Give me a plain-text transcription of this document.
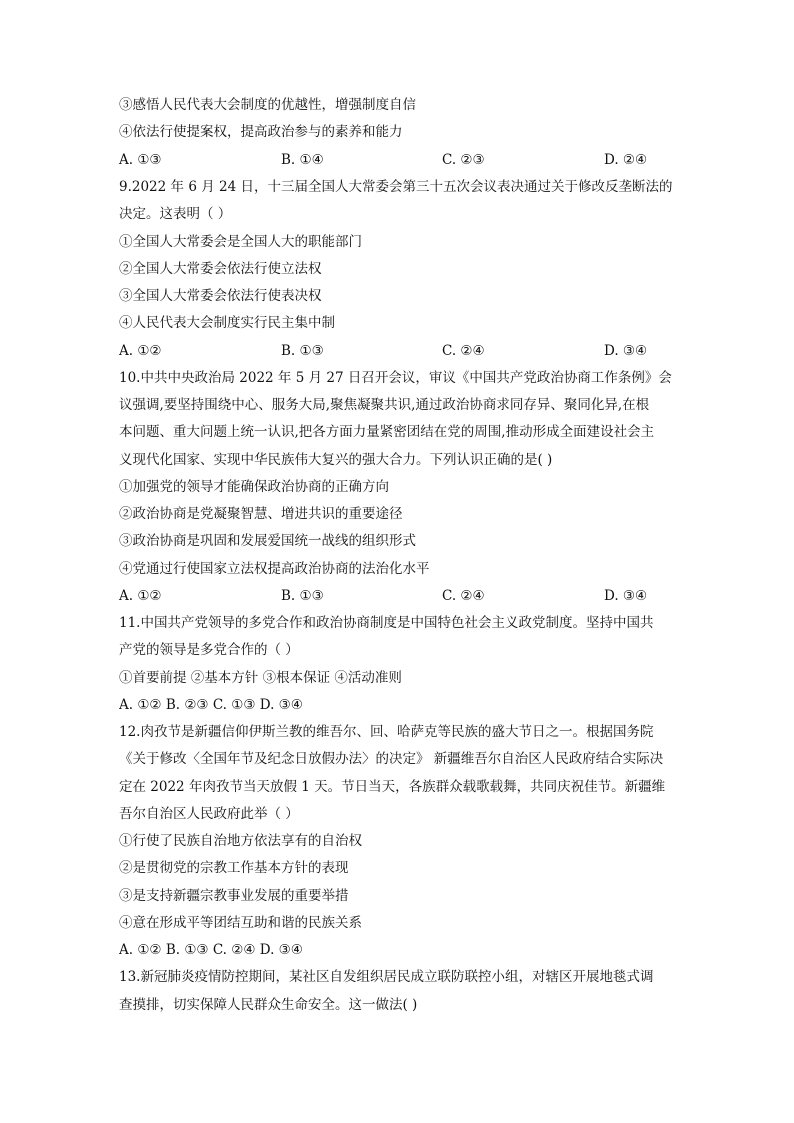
③感悟人民代表大会制度的优越性，增强制度自信
④依法行使提案权，提高政治参与的素养和能力
A. ①③	B. ①④	C. ②③	D. ②④
9.2022 年 6 月 24 日，十三届全国人大常委会第三十五次会议表决通过关于修改反垄断法的
决定。这表明（ ）
①全国人大常委会是全国人大的职能部门
②全国人大常委会依法行使立法权
③全国人大常委会依法行使表决权
④人民代表大会制度实行民主集中制
A. ①②	B. ①③	C. ②④	D. ③④
10.中共中央政治局 2022 年 5 月 27 日召开会议，审议《中国共产党政治协商工作条例》会
议强调,要坚持围绕中心、服务大局,聚焦凝聚共识,通过政治协商求同存异、聚同化异,在根
本问题、重大问题上统一认识,把各方面力量紧密团结在党的周围,推动形成全面建设社会主
义现代化国家、实现中华民族伟大复兴的强大合力。下列认识正确的是( )
①加强党的领导才能确保政治协商的正确方向
②政治协商是党凝聚智慧、增进共识的重要途径
③政治协商是巩固和发展爱国统一战线的组织形式
④党通过行使国家立法权提高政治协商的法治化水平
A. ①②	B. ①③	C. ②④	D. ③④
11.中国共产党领导的多党合作和政治协商制度是中国特色社会主义政党制度。坚持中国共
产党的领导是多党合作的（ ）
①首要前提 ②基本方针 ③根本保证 ④活动准则
A. ①② B. ②③ C. ①③ D. ③④
12.肉孜节是新疆信仰伊斯兰教的维吾尔、回、哈萨克等民族的盛大节日之一。根据国务院
《关于修改〈全国年节及纪念日放假办法〉的决定》 新疆维吾尔自治区人民政府结合实际决
定在 2022 年肉孜节当天放假 1 天。节日当天，各族群众载歌载舞，共同庆祝佳节。新疆维
吾尔自治区人民政府此举（ ）
①行使了民族自治地方依法享有的自治权
②是贯彻党的宗教工作基本方针的表现
③是支持新疆宗教事业发展的重要举措
④意在形成平等团结互助和谐的民族关系
A. ①② B. ①③ C. ②④ D. ③④
13.新冠肺炎疫情防控期间，某社区自发组织居民成立联防联控小组，对辖区开展地毯式调
查摸排，切实保障人民群众生命安全。这一做法( )
